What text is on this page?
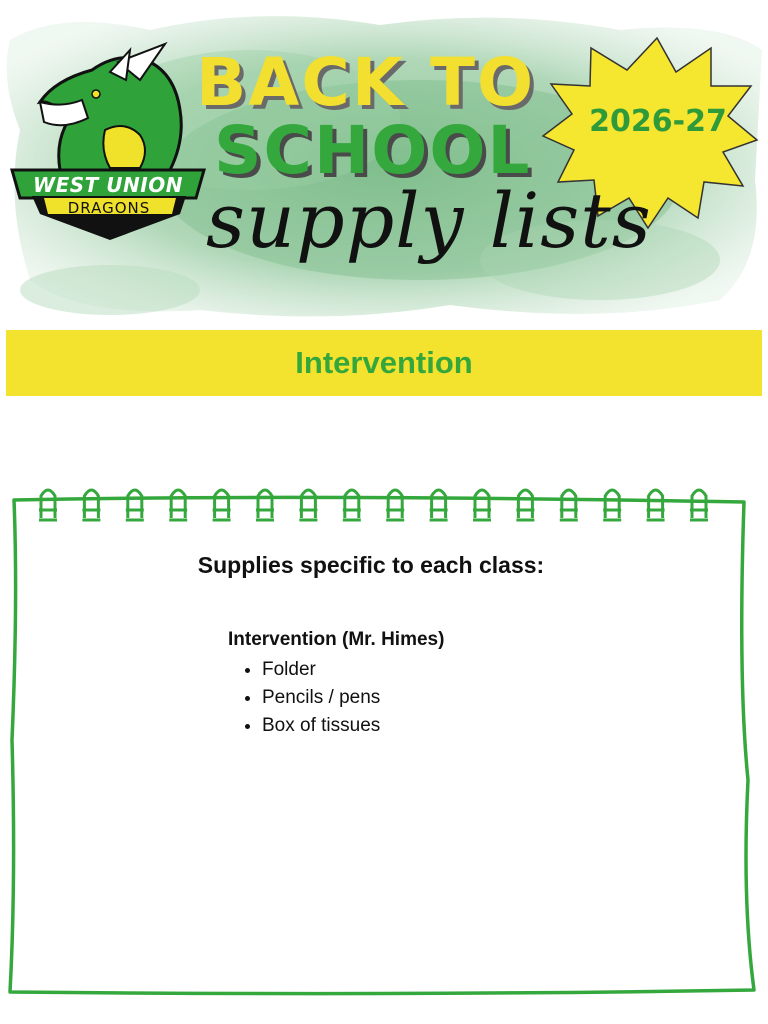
BACK TO
SCHOOL
supply lists
2026-27
WEST UNION
DRAGONS
Intervention
Supplies specific to each class:
Intervention (Mr. Himes)
• Folder
• Pencils / pens
• Box of tissues
